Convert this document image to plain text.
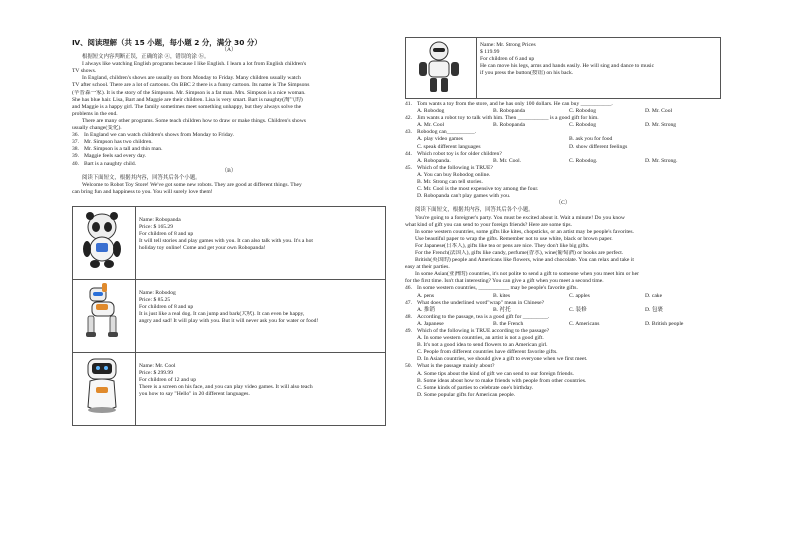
Ⅳ、阅读理解（共 15 小题，每小题 2 分，满分 30 分）
（A）
根据短文内容判断正误，正确的涂 ⓐ，错误的涂 ⓑ。
I always like watching English programs because I like English. I learn a lot from English children's
TV shows.
In England, children's shows are usually on from Monday to Friday. Many children usually watch
TV after school. There are a lot of cartoons. On BBC 2 there is a funny cartoon. Its name is The Simpsons
(辛普森一家). It is the story of the Simpsons. Mr. Simpson is a fat man. Mrs. Simpson is a nice woman.
She has blue hair. Lisa, Bart and Maggie are their children. Lisa is very smart. Bart is naughty(淘气的)
and Maggie is a happy girl. The family sometimes meet something unhappy, but they always solve the
problems in the end.
There are many other programs. Some teach children how to draw or make things. Children's shows
usually change(变化).
36. In England we can watch children's shows from Monday to Friday.
37. Mr. Simpson has two children.
38. Mr. Simpson is a tall and thin man.
39. Maggie feels sad every day.
40. Bart is a naughty child.
（B）
阅读下面短文，根据其内容，回答其后各个小题。
Welcome to Robot Toy Store! We've got some new robots. They are good at different things. They
can bring fun and happiness to you. You will surely love them!

Name: Robopanda
Price: $ 165.29
For children of 8 and up
It will tell stories and play games with you. It can also talk with you. It's a hot
holiday toy online! Come and get your own Robopanda!

Name: Robodog
Price: $ 85.25
For children of 8 and up
It is just like a real dog. It can jump and bark(犬吠). It can even be happy,
angry and sad! It will play with you. But it will never ask you for water or food!

Name: Mr. Cool
Price: $ 299.99
For children of 12 and up
There is a screen on his face, and you can play video games. It will also teach
you how to say "Hello" in 20 different languages.

Name: Mr. Strong Prices
$ 119.99
For children of 6 and up
He can move his legs, arms and hands easily. He will sing and dance to music
if you press the button(按钮) on his back.
41. Tom wants a toy from the store, and he has only 100 dollars. He can buy ___________.
A. Robodog	B. Robopanda	C. Robodog	D. Mr. Cool
42. Jim wants a robot toy to talk with him. Then ___________ is a good gift for him.
A. Mr. Cool	B. Robopanda	C. Robodog	D. Mr. Strong
43. Robodog can__________.
A. play video games	B. ask you for food
C. speak different languages	D. show different feelings
44. Which robot toy is for older children?
A. Robopanda.	B. Mr. Cool.	C. Robodog.	D. Mr. Strong.
45. Which of the following is TRUE?
A. You can buy Robodog online.
B. Mr. Strong can tell stories.
C. Mr. Cool is the most expensive toy among the four.
D. Robopanda can't play games with you.
（C）
阅读下面短文，根据其内容，回答其后各个小题。
You're going to a foreigner's party. You must be excited about it. Wait a minute! Do you know
what kind of gift you can send to your foreign friends? Here are some tips.
In some western countries, some gifts like kites, chopsticks, or an artist may be people's favorites.
Use beautiful paper to wrap the gifts. Remember not to use white, black or brown paper.
For Japanese(日本人), gifts like tea or pens are nice. They don't like big gifts.
For the French(法国人), gifts like candy, perfume(香水), wine(葡萄酒) or books are perfect.
British(英国的) people and Americans like flowers, wine and chocolate. You can relax and take it
easy at their parties.
In some Asian(亚洲的) countries, it's not polite to send a gift to someone when you meet him or her
for the first time. Isn't that interesting? You can give a gift when you meet a second time.
46. In some western countries, ___________ may be people's favorite gifts.
A. pens	B. kites	C. apples	D. cake
47. What does the underlined word"wrap" mean in Chinese?
A. 推销	B. 衬托	C. 装修	D. 包裹
48. According to the passage, tea is a good gift for _________.
A. Japanese	B. the French	C. Americans	D. British people
49. Which of the following is TRUE according to the passage?
A. In some western countries, an artist is not a good gift.
B. It's not a good idea to send flowers to an American girl.
C. People from different countries have different favorite gifts.
D. In Asian countries, we should give a gift to everyone when we first meet.
50. What is the passage mainly about?
A. Some tips about the kind of gift we can send to our foreign friends.
B. Some ideas about how to make friends with people from other countries.
C. Some kinds of parties to celebrate one's birthday.
D. Some popular gifts for American people.
